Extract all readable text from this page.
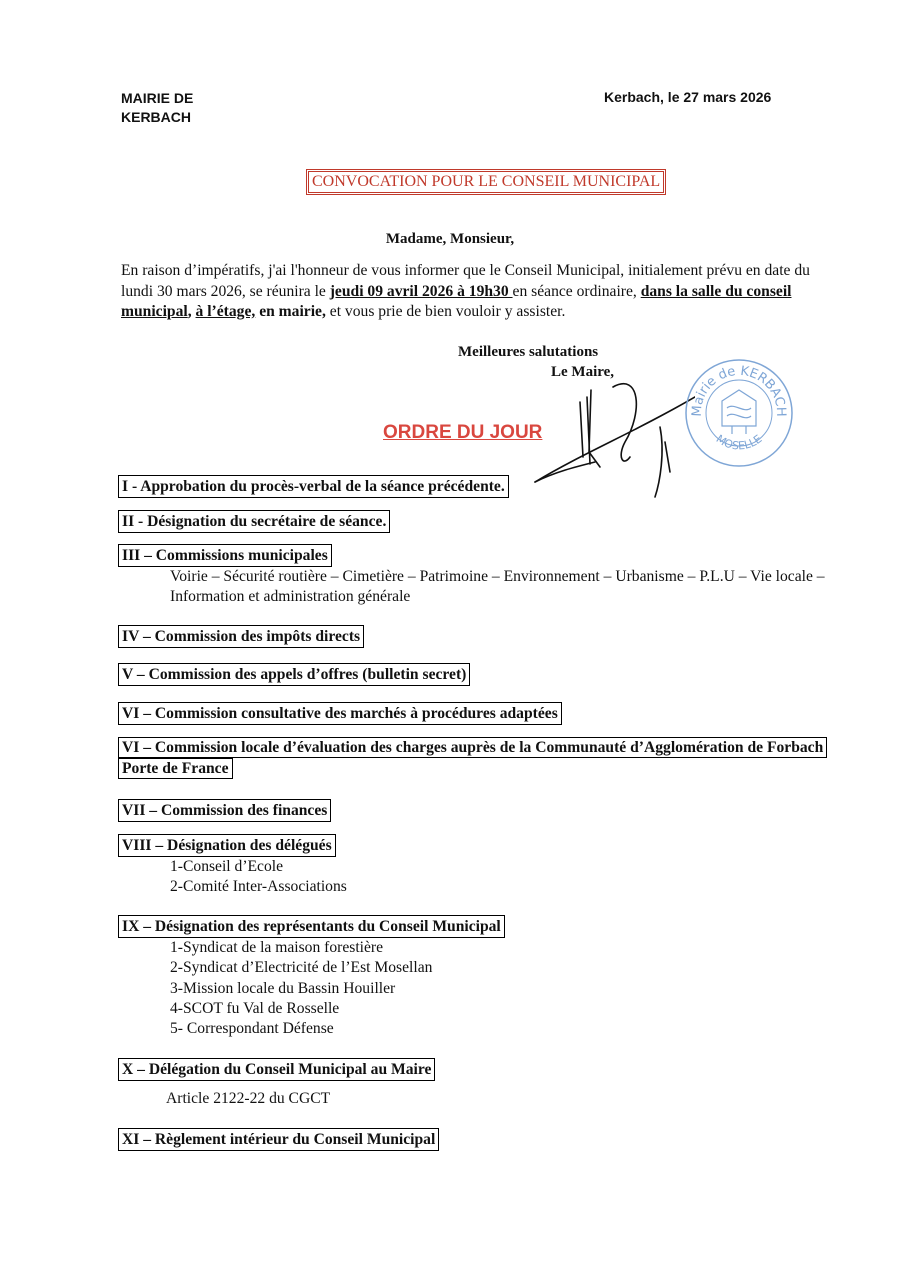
MAIRIE DE
KERBACH
Kerbach, le 27 mars 2026
CONVOCATION POUR LE CONSEIL MUNICIPAL
Madame, Monsieur,
En raison d’impératifs, j'ai l'honneur de vous informer que le Conseil Municipal, initialement prévu en date du lundi 30 mars 2026, se réunira le jeudi 09 avril 2026 à 19h30 en séance ordinaire, dans la salle du conseil municipal, à l’étage, en mairie, et vous prie de bien vouloir y assister.
Meilleures salutations
Le Maire,
ORDRE DU JOUR
Mairie de KERBACH
MOSELLE
I - Approbation du procès-verbal de la séance précédente.
II - Désignation du secrétaire de séance.
III – Commissions municipales
Voirie – Sécurité routière – Cimetière – Patrimoine – Environnement – Urbanisme – P.L.U – Vie locale – Information et administration générale
IV – Commission des impôts directs
V – Commission des appels d’offres (bulletin secret)
VI – Commission consultative des marchés à procédures adaptées
VI – Commission locale d’évaluation des charges auprès de la Communauté d’Agglomération de Forbach Porte de France
VII – Commission des finances
VIII – Désignation des délégués
1-Conseil d’Ecole
2-Comité Inter-Associations
IX – Désignation des représentants du Conseil Municipal
1-Syndicat de la maison forestière
2-Syndicat d’Electricité de l’Est Mosellan
3-Mission locale du Bassin Houiller
4-SCOT fu Val de Rosselle
5- Correspondant Défense
X – Délégation du Conseil Municipal au Maire
Article 2122-22 du CGCT
XI – Règlement intérieur du Conseil Municipal
